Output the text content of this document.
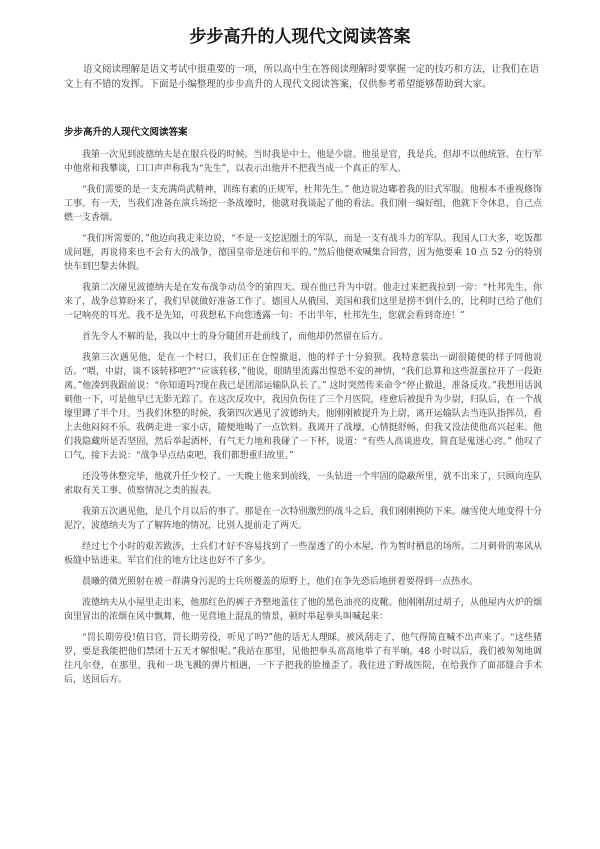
步步高升的人现代文阅读答案

语文阅读理解是语文考试中很重要的一项，所以高中生在答阅读理解时要掌握一定的技巧和方法，让我们在语文上有不错的发挥。下面是小编整理的步步高升的人现代文阅读答案，仅供参考希望能够帮助到大家。

步步高升的人现代文阅读答案

我第一次见到波德纳夫是在服兵役的时候。当时我是中士，他是少尉。他虽是官，我是兵，但却不以他统管。在行军中他常和我攀谈，口口声声称我为“先生”，以表示出他并不把我当成一个真正的军人。

“我们需要的是一支充满尚武精神，训练有素的正规军，杜邦先生。” 他边说边嘟着我的旧式军服。他根本不重视修饰工事。有一天，当我们准备在演兵场挖一条战壕时，他就对我谈起了他的看法。我们刚一编好组，他就下令休息，自己点燃一支香烟。

“我们所需要的，”他边向我走来边说，“不是一支挖泥圈土的军队，而是一支有战斗力的军队。我国人口大多，吃饭都成问题，再说将来也不会有大的战争，德国皇帝是迷信和平的。”然后他便欢喊集合回营，因为他要乘 10 点 52 分的特别快车到巴黎去休假。

我第二次碰见波德纳夫是在发布战争动员令的第四天。现在他已升为中尉。他走过来把我拉到一旁：“杜邦先生，你来了，战争总算盼来了，我们早就做好准备工作了。德国人从俄国、美国和我们这里是捞不到什么的，比利时已给了他们一记响亮的耳光。我不是先知，可我想私下向您透露一句：不出半年，杜邦先生，您就会看到奇迹！”

首先令人不解的是，我以中士的身分随团开赴前线了，而他却仍然留在后方。

我第三次遇见他，是在一个村口，我们正在仓惶撤退，他的样子十分狼狈。我特意装出一副很随便的样子同他说话。“喂，中尉，谈不该转移吧?”“应该转移，”他说，眼睛里流露出惶恐不安的神情，“我们总算和这些混蛋拉开了一段距离。”他凑到我跟前说：“你知道吗?现在我已是团部运输队队长了。” 这时突然传来命令“停止撤退，准备反攻。”我想用话讽刺他一下，可是他早已无影无踪了。在这次反攻中，我因负伤住了三个月医院，痊愈后被提升为少尉，归队后，在一个战壕里蹲了半个月。当我们休整的时候，我第四次遇见了波德纳夫。他刚刚被提升为上尉，离开运输队去当连队指挥员，看上去他闷闷不乐。我俩走进一家小店，随便地喝了一点饮料。我离开了战壕，心情挺舒畅，但我又没法使他高兴起来。他们我隐藏所是否坚固，然后举起酒杯，有气无力地和我碰了一下杯，说道：“有些人高谈进攻，简直是鬼迷心窍。” 他叹了口气，接下去说：“战争早点结束吧，我们都想重归故里。”

还没等休整完毕，他就升任少校了。一天晚上他来到前线，一头钻进一个牢固的隐蔽所里，就不出来了，只顾向连队索取有关工事、侦察情况之类的报表。

我第五次遇见他，是几个月以后的事了。那是在一次特别激烈的战斗之后，我们刚刚换防下来。融雪使大地变得十分泥泞，波德纳夫为了了解阵地的情况，比别人提前走了两天。

经过七个小时的艰苦跋涉，士兵们才好不容易找到了一些湿透了的小木屋，作为暂时栖息的场所。二月刺骨的寒风从板缝中钻进来。军官们住的地方比这也好不了多少。

晨曦的微光照射在被一群满身污泥的士兵所覆盖的原野上，他们在争先恐后地拼着要得到一点热水。

波德纳夫从小屋里走出来，他那红色的裤子齐整地盖住了他的黑色油亮的皮靴。他刚刚刮过胡子，从他屋内火炉的烟囱里冒出的浓烟在风中飘舞，他一见营地上混乱的情景，顿时举起拳头叫喊起来：

“罚长期劳役!值日官，罚长期劳役，听见了吗?”他的话无人理睬。被风刮走了，他气得简直喊不出声来了。“这些猪罗，要是我能把他们禁闭十五天才解恨呢。”我站在那里，见他把拳头高高地举了有半晌。48 小时以后，我们被匆匆地调往凡尔登，在那里，我和一块飞溅的弹片相遇，一下子把我的脸撞歪了。我住进了野战医院，在给我作了面部缝合手术后，送回后方。
